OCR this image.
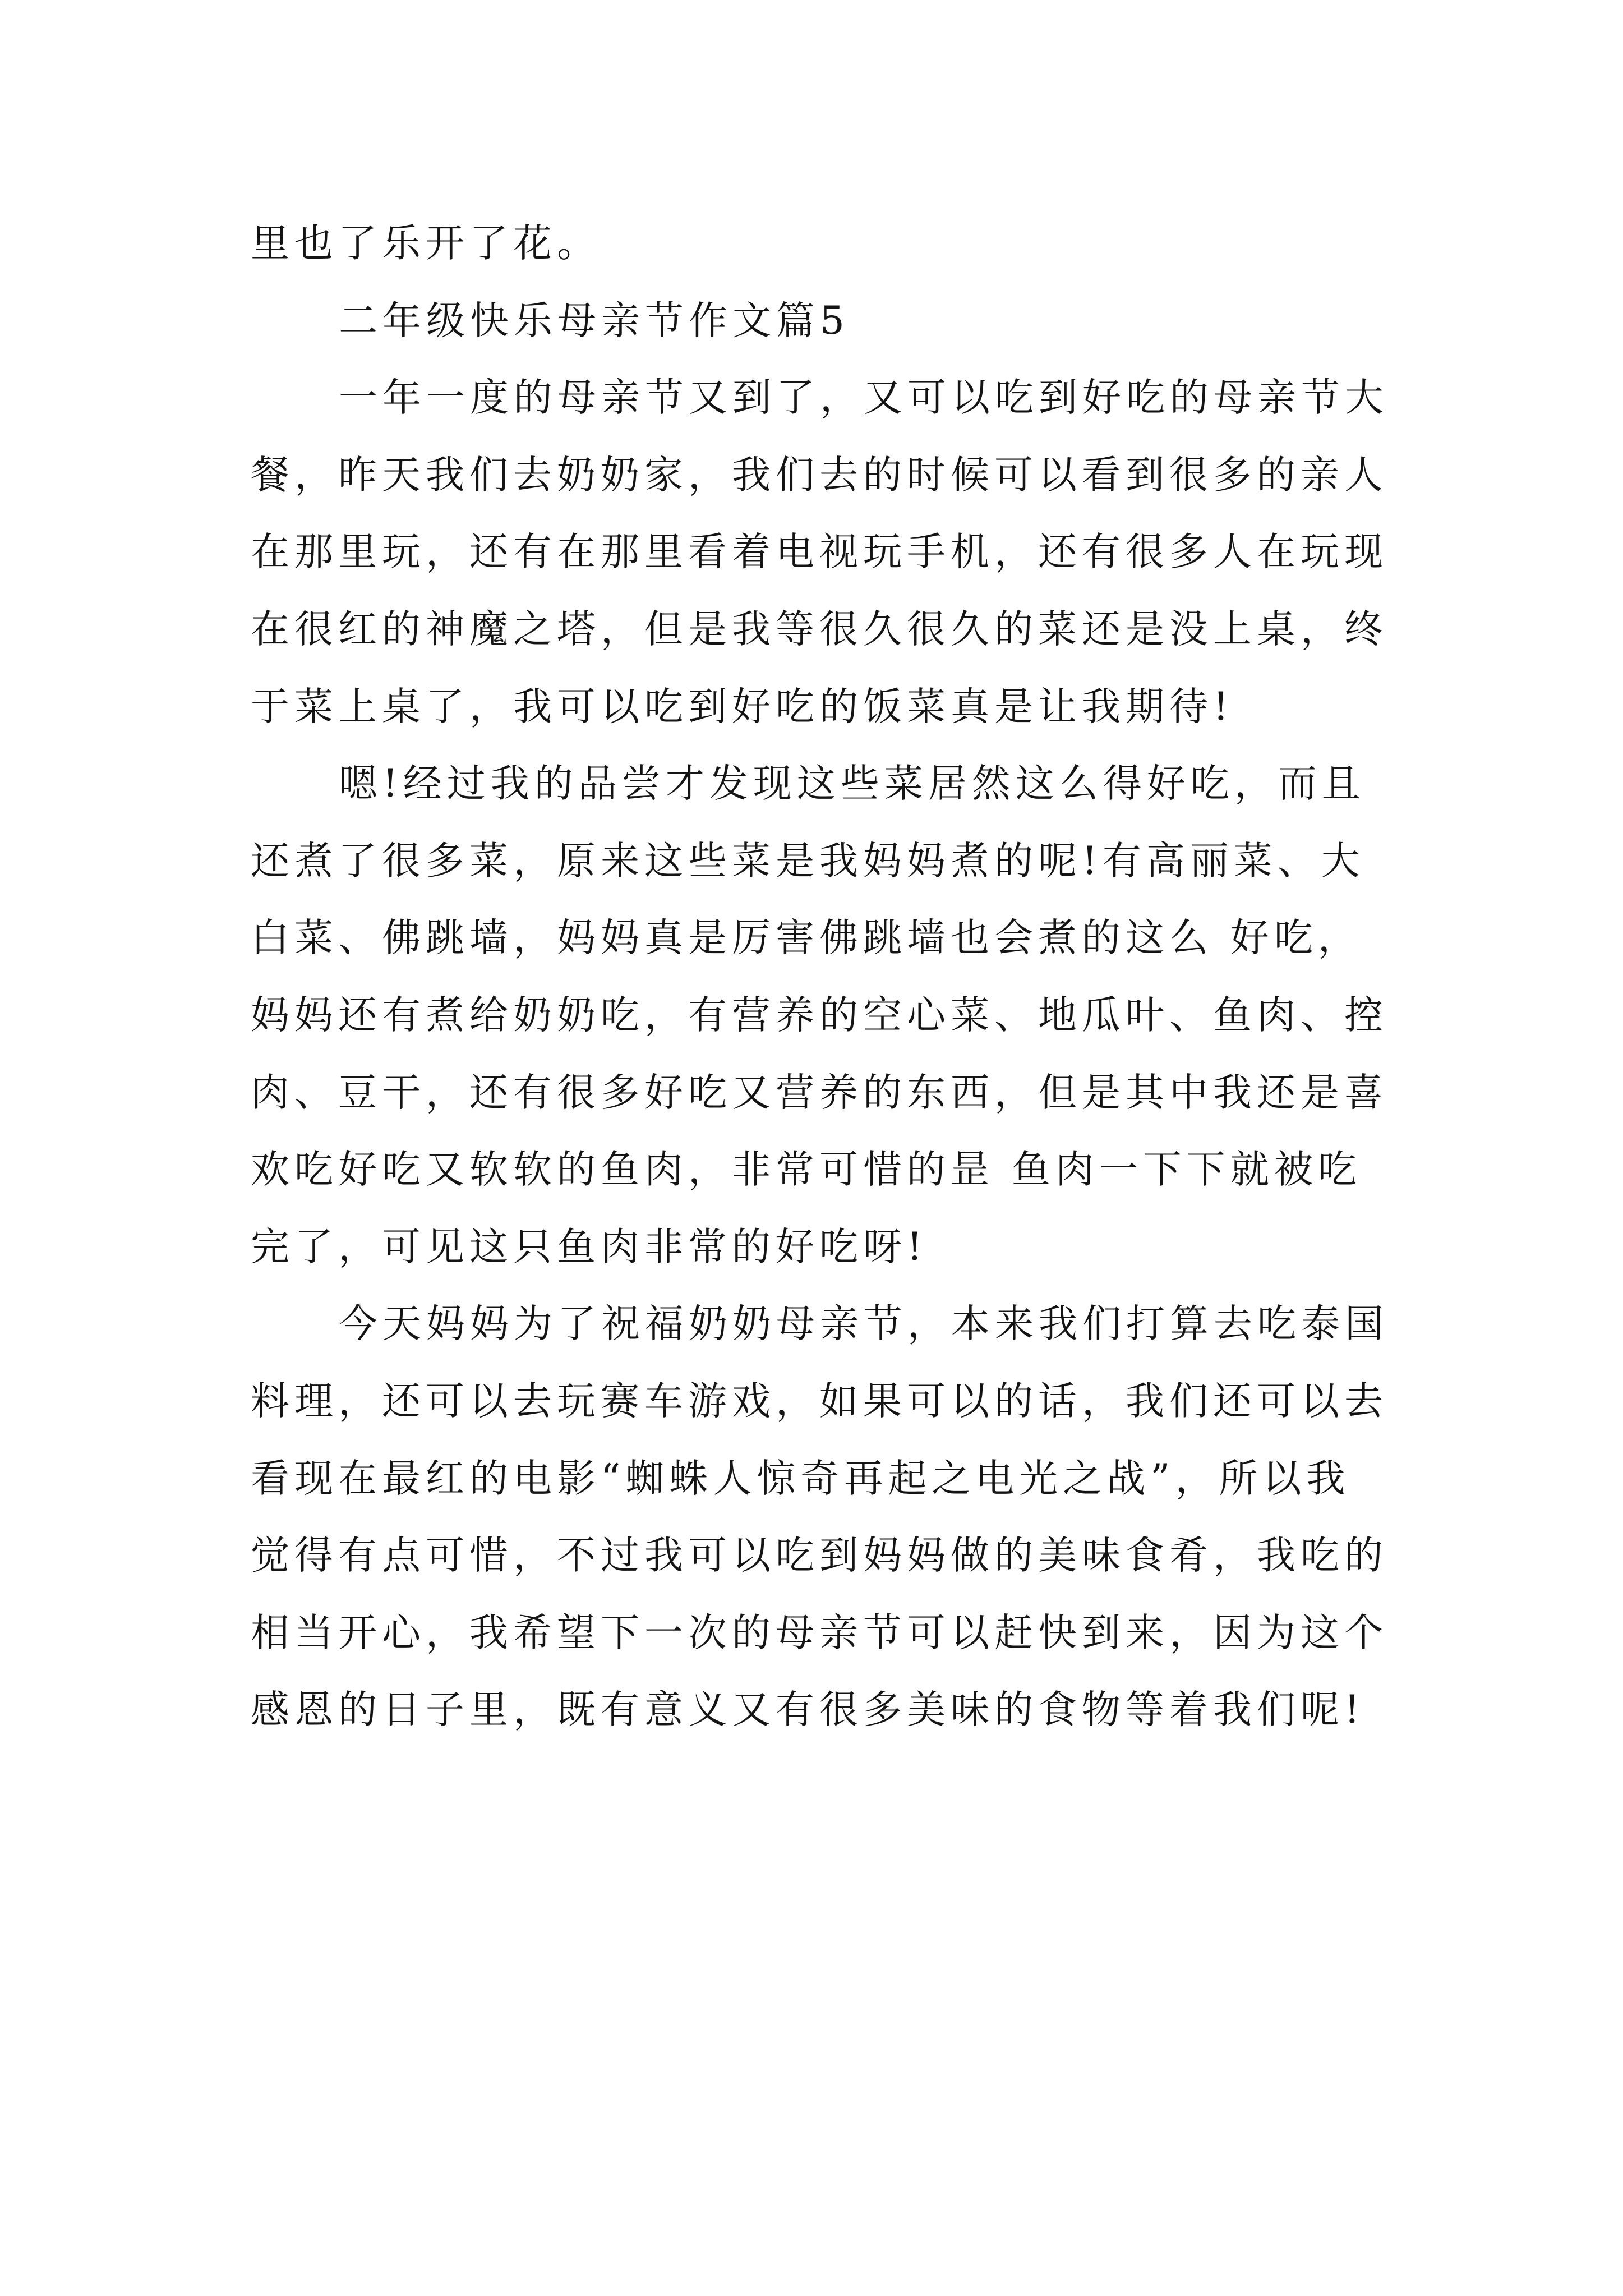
里也了乐开了花。
二年级快乐母亲节作文篇5
一年一度的母亲节又到了，又可以吃到好吃的母亲节大
餐，昨天我们去奶奶家，我们去的时候可以看到很多的亲人
在那里玩，还有在那里看着电视玩手机，还有很多人在玩现
在很红的神魔之塔，但是我等很久很久的菜还是没上桌，终
于菜上桌了，我可以吃到好吃的饭菜真是让我期待!
嗯!经过我的品尝才发现这些菜居然这么得好吃，而且
还煮了很多菜，原来这些菜是我妈妈煮的呢!有高丽菜、大
白菜、佛跳墙，妈妈真是厉害佛跳墙也会煮的这么 好吃，
妈妈还有煮给奶奶吃，有营养的空心菜、地瓜叶、鱼肉、控
肉、豆干，还有很多好吃又营养的东西，但是其中我还是喜
欢吃好吃又软软的鱼肉，非常可惜的昰 鱼肉一下下就被吃
完了，可见这只鱼肉非常的好吃呀!
今天妈妈为了祝福奶奶母亲节，本来我们打算去吃泰国
料理，还可以去玩赛车游戏，如果可以的话，我们还可以去
看现在最红的电影“蜘蛛人惊奇再起之电光之战”，所以我
觉得有点可惜，不过我可以吃到妈妈做的美味食肴，我吃的
相当开心，我希望下一次的母亲节可以赶快到来，因为这个
感恩的日子里，既有意义又有很多美味的食物等着我们呢!
